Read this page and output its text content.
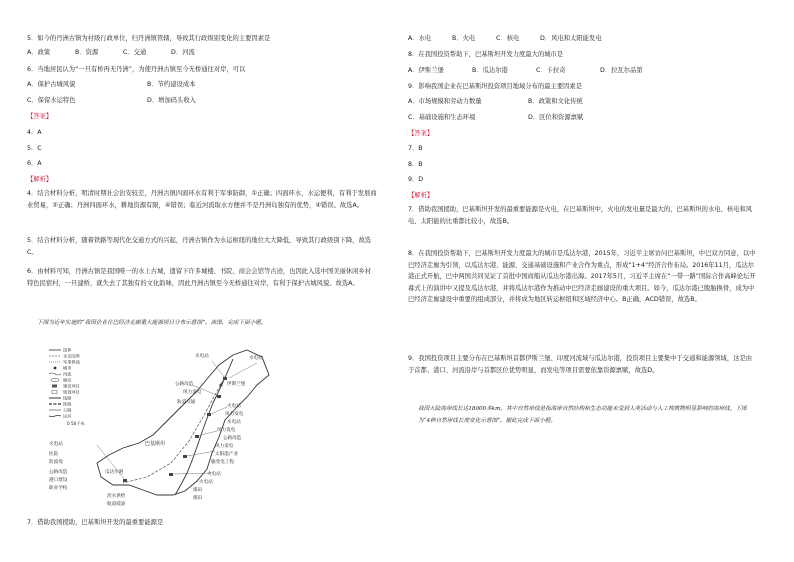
5．如今的丹洲古镇为村级行政单位，归丹洲镇管辖，导致其行政级别变化的主要因素是
A．政策	B．资源	C．交通	D．河流
6．当地居民认为“一旦有桥再无丹洲”，为使丹洲古镇至今无桥通往对岸，可以
A．保护古城风貌	B．节约建设成本
C．保留水运特色	D．增加码头收入
【答案】
4．A
5．C
6．A
【解析】
4．结合材料分析，明清时期社会治安较差，丹洲古镇四面环水有利于军事防御，①正确；四面环水，水运便利，有利于发展商业贸易，②正确；丹洲四面环水，耕地资源有限，④错误；临近河流取水方便并不是丹洲岛独有的优势，④错误。故选A。
5．结合材料分析，随着铁路等现代化交通方式的兴起，丹洲古镇作为水运枢纽的地位大大降低，导致其行政级别下降，故选C。
6．由材料可知，丹洲古镇是我国唯一的水上古城，遗留下许多城楼、书院、商会会馆等古迹，也因此入选中国美丽休闲乡村特色民宿村，一旦建桥，就失去了其独有的文化韵味，因此丹洲古镇至今无桥通往对岸，有利于保护古城风貌。故选A。
下图为近年实施的“我国企业在巴经济走廊重大能源项目分布示意图”。读图，完成下面小题。
国界
未定国界
军事界线
城市
河流
湖泊
建设项目
规划项目
线路
铁路
公路
运河
0 50千米
水电站	水电站
伊斯兰堡
公路改造
风力发电
轨道交通
火电站
风力发电
水电站
风力发电
公路改造
风力发电
太阳能产业
输变电工程
火电站
火电站
煤田
煤田
火电站
医院
防波堤
公路改造
港口建设
职业学校
瓜达尔港
淡水供给
航道疏浚
巴基斯坦
7．借助我国援助，巴基斯坦开发的最重要能源是
A．水电	B．火电	C．核电	D．风电和太阳能发电
8．在我国投资帮助下，巴基斯坦开发力度最大的城市是
A．伊斯兰堡	B．瓜达尔港	C．卡拉奇	D．拉瓦尔品第
9．影响我国企业在巴基斯坦投资项目地域分布的最主要因素是
A．市场规模和劳动力数量	B．政策和文化传统
C．基础设施和生态环境	D．区位和资源禀赋
【答案】
7．B
8．B
9．D
【解析】
7．借助我国援助，巴基斯坦开发的最重要能源是火电，在巴基斯坦中，火电的发电量是最大的，巴基斯坦的水电、核电和风电、太阳能的比重都比较小，故选B。
8．在我国投资帮助下，巴基斯坦开发力度最大的城市是瓜达尔港，2015年，习近平主席访问巴基斯坦，中巴双方同意，以中巴经济走廊为引领，以瓜达尔港、能源、交通基础设施和产业合作为重点，形成“1+4”经济合作布局。2016年11月，瓜达尔港正式开航，巴中两国共同见证了首批中国商船从瓜达尔港出海。2017年5月，习近平主席在“一带一路”国际合作高峰论坛开幕式上的演讲中又提及瓜达尔港，并将瓜达尔港作为推动中巴经济走廊建设的重大项目。如今，瓜达尔港已脱胎换骨，成为中巴经济走廊建设中重要的组成部分，并将成为地区转运枢纽和区域经济中心。B正确，ACD错误，故选B。
9．我国投资项目主要分布在巴基斯坦首都伊斯兰堡、印度河流域与瓜达尔港，投资项目主要集中于交通和能源领域，这是由于首都、港口、河流沿岸与首都区位优势明显，而发电等项目需要依靠资源禀赋，故选D。
我国大陆海岸线长达18000多km，其中自然岸线是指海岸自然结构和生态功能未受到人类活动与人工构筑物明显影响的海岸线。下图为“4种自然岸线长度变化示意图”。据此完成下面小题。
